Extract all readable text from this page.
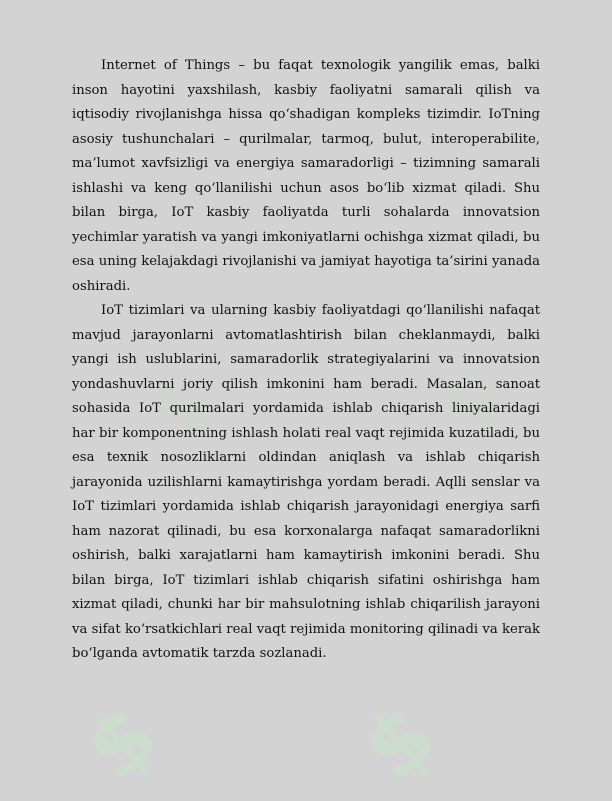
$ $
$ $

Internet of Things – bu faqat texnologik yangilik emas, balki inson hayotini yaxshilash, kasbiy faoliyatni samarali qilish va iqtisodiy rivojlanishga hissa qo‘shadigan kompleks tizimdir. IoTning asosiy tushunchalari – qurilmalar, tarmoq, bulut, interoperabilite, ma’lumot xavfsizligi va energiya samaradorligi – tizimning samarali ishlashi va keng qo‘llanilishi uchun asos bo‘lib xizmat qiladi. Shu bilan birga, IoT kasbiy faoliyatda turli sohalarda innovatsion yechimlar yaratish va yangi imkoniyatlarni ochishga xizmat qiladi, bu esa uning kelajakdagi rivojlanishi va jamiyat hayotiga ta’sirini yanada oshiradi.

IoT tizimlari va ularning kasbiy faoliyatdagi qo‘llanilishi nafaqat mavjud jarayonlarni avtomatlashtirish bilan cheklanmaydi, balki yangi ish uslublarini, samaradorlik strategiyalarini va innovatsion yondashuvlarni joriy qilish imkonini ham beradi. Masalan, sanoat sohasida IoT qurilmalari yordamida ishlab chiqarish liniyalaridagi har bir komponentning ishlash holati real vaqt rejimida kuzatiladi, bu esa texnik nosozliklarni oldindan aniqlash va ishlab chiqarish jarayonida uzilishlarni kamaytirishga yordam beradi. Aqlli senslar va IoT tizimlari yordamida ishlab chiqarish jarayonidagi energiya sarfi ham nazorat qilinadi, bu esa korxonalarga nafaqat samaradorlikni oshirish, balki xarajatlarni ham kamaytirish imkonini beradi. Shu bilan birga, IoT tizimlari ishlab chiqarish sifatini oshirishga ham xizmat qiladi, chunki har bir mahsulotning ishlab chiqarilish jarayoni va sifat ko‘rsatkichlari real vaqt rejimida monitoring qilinadi va kerak bo‘lganda avtomatik tarzda sozlanadi.
